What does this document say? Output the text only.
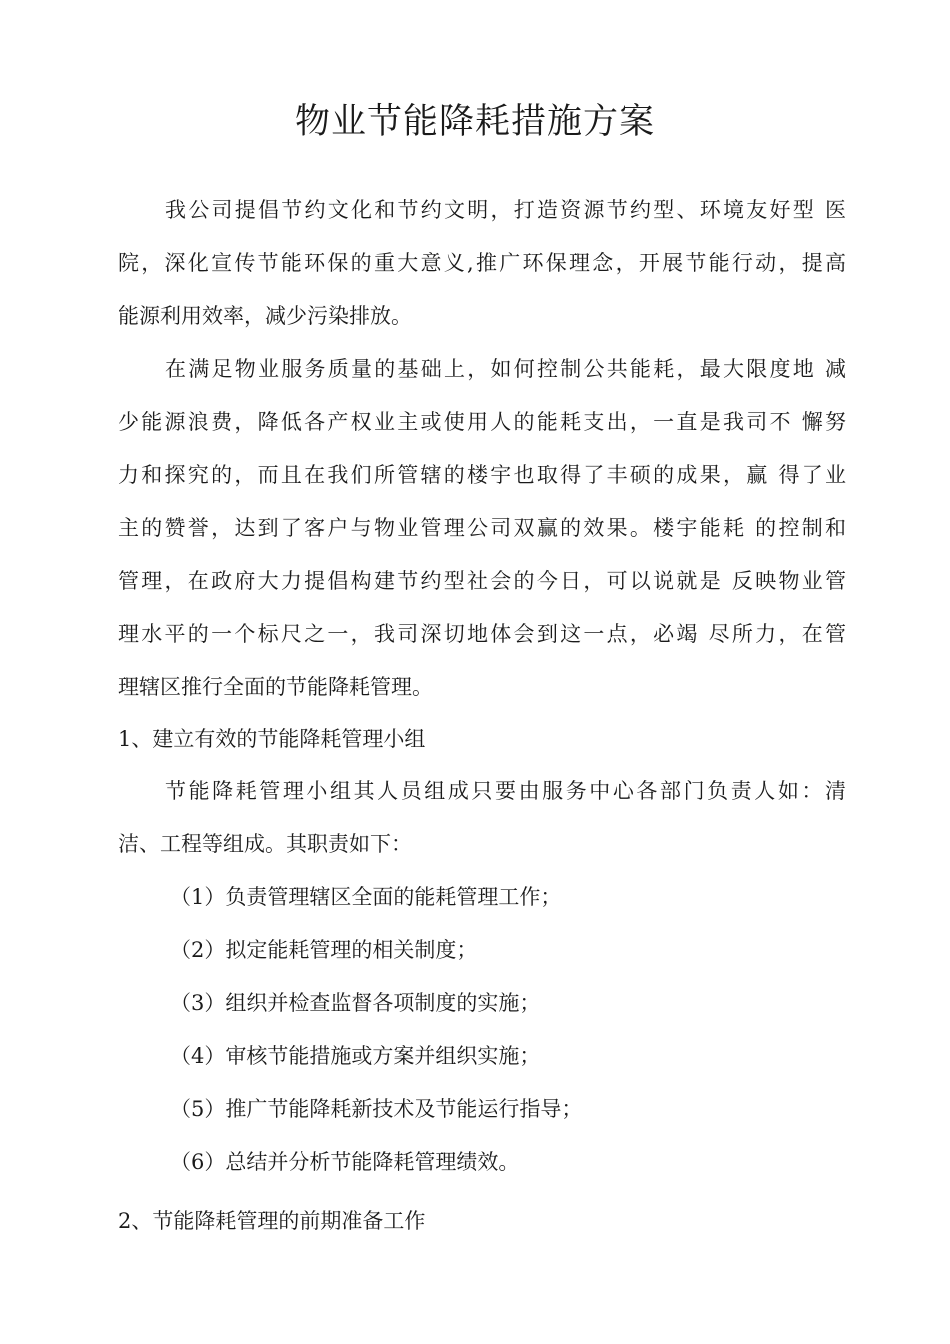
物业节能降耗措施方案

我公司提倡节约文化和节约文明，打造资源节约型、环境友好型 医

院，深化宣传节能环保的重大意义,推广环保理念，开展节能行动，提高

能源利用效率，减少污染排放。

在满足物业服务质量的基础上，如何控制公共能耗，最大限度地 减

少能源浪费，降低各产权业主或使用人的能耗支出，一直是我司不 懈努

力和探究的，而且在我们所管辖的楼宇也取得了丰硕的成果，赢 得了业

主的赞誉，达到了客户与物业管理公司双赢的效果。楼宇能耗 的控制和

管理，在政府大力提倡构建节约型社会的今日，可以说就是 反映物业管

理水平的一个标尺之一，我司深切地体会到这一点，必竭 尽所力，在管

理辖区推行全面的节能降耗管理。

1、建立有效的节能降耗管理小组

节能降耗管理小组其人员组成只要由服务中心各部门负责人如：清

洁、工程等组成。其职责如下：

（1）负责管理辖区全面的能耗管理工作；

（2）拟定能耗管理的相关制度；

（3）组织并检查监督各项制度的实施；

（4）审核节能措施或方案并组织实施；

（5）推广节能降耗新技术及节能运行指导；

（6）总结并分析节能降耗管理绩效。

2、节能降耗管理的前期准备工作
